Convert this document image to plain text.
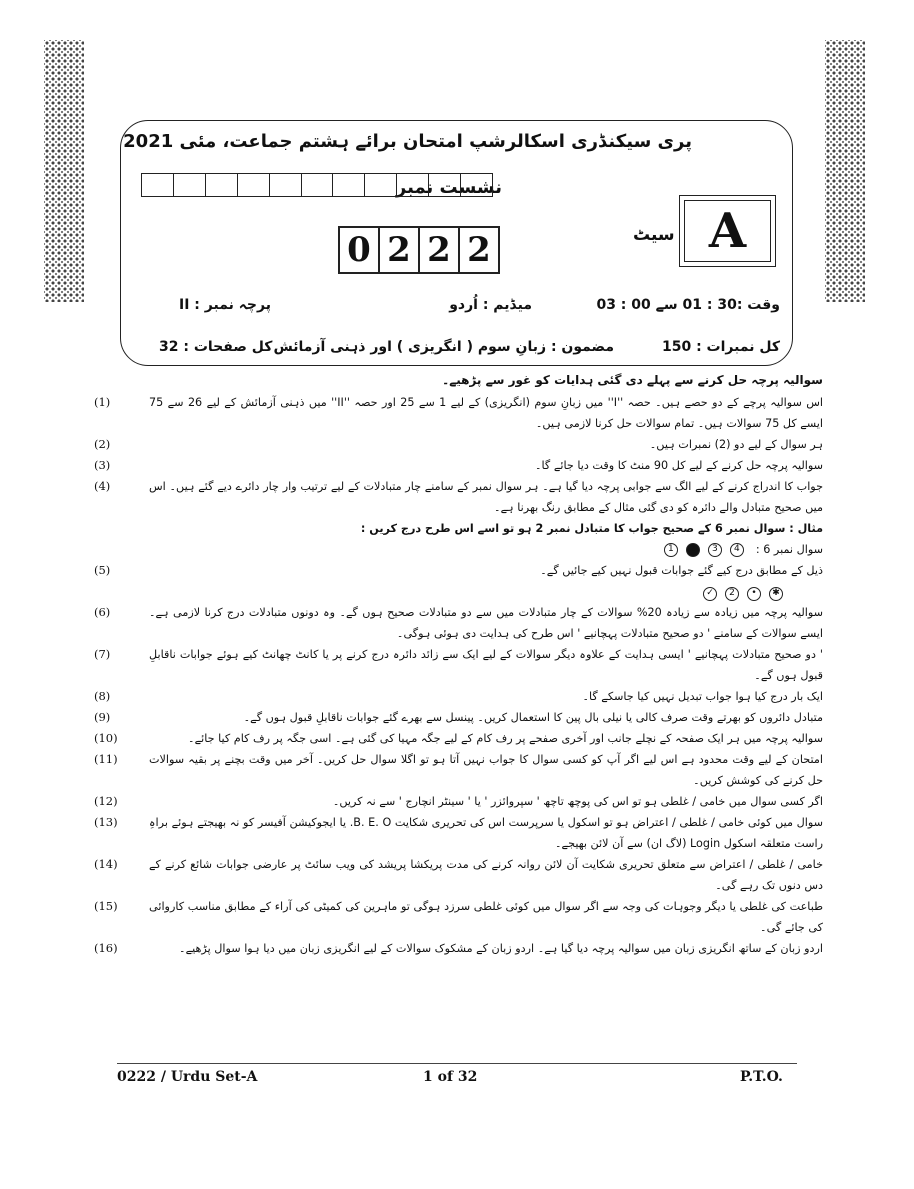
پری سیکنڈری اسکالرشپ امتحان برائے ہشتم جماعت، مئی 2021
نشست نمبر
0 2 2 2	سیٹ A
وقت :30 : 01 سے 00 : 03
میڈیم : اُردو
پرچہ نمبر : II
کل نمبرات : 150
مضمون : زبانِ سوم ( انگریزی ) اور ذہنی آزمائش
کل صفحات : 32
سوالیہ پرچہ حل کرنے سے پہلے دی گئی ہدایات کو غور سے پڑھیے۔
اس سوالیہ پرچے کے دو حصے ہیں۔ حصہ ''I'' میں زبانِ سوم (انگریزی) کے لیے 1 سے 25 اور حصہ ''II'' میں ذہنی آزمائش کے لیے 26 سے 75 ایسے کل 75 سوالات ہیں۔ تمام سوالات حل کرنا لازمی ہیں۔
(1)
ہر سوال کے لیے دو (2) نمبرات ہیں۔
(2)
سوالیہ پرچہ حل کرنے کے لیے کل 90 منٹ کا وقت دیا جائے گا۔
(3)
جواب کا اندراج کرنے کے لیے الگ سے جوابی پرچہ دیا گیا ہے۔ ہر سوال نمبر کے سامنے چار متبادلات کے لیے ترتیب وار چار دائرے دیے گئے ہیں۔ اس میں صحیح متبادل والے دائرہ کو دی گئی مثال کے مطابق رنگ بھرنا ہے۔
(4)
مثال : سوال نمبر 6 کے صحیح جواب کا متبادل نمبر 2 ہو تو اسے اس طرح درج کریں :
سوال نمبر 6 :
1	2	3	4
ذیل کے مطابق درج کیے گئے جوابات قبول نہیں کیے جائیں گے۔
(5)
✓	2	•	✱
سوالیہ پرچہ میں زیادہ سے زیادہ 20% سوالات کے چار متبادلات میں سے دو متبادلات صحیح ہوں گے۔ وہ دونوں متبادلات درج کرنا لازمی ہے۔ ایسے سوالات کے سامنے ' دو صحیح متبادلات پہچانیے ' اس طرح کی ہدایت دی ہوئی ہوگی۔
(6)
' دو صحیح متبادلات پہچانیے ' ایسی ہدایت کے علاوہ دیگر سوالات کے لیے ایک سے زائد دائرہ درج کرنے پر یا کانٹ چھانٹ کیے ہوئے جوابات ناقابلِ قبول ہوں گے۔
(7)
ایک بار درج کیا ہوا جواب تبدیل نہیں کیا جاسکے گا۔
(8)
متبادل دائروں کو بھرتے وقت صرف کالی یا نیلی بال پین کا استعمال کریں۔ پینسل سے بھرے گئے جوابات ناقابلِ قبول ہوں گے۔
(9)
سوالیہ پرچہ میں ہر ایک صفحہ کے نچلے جانب اور آخری صفحے پر رف کام کے لیے جگہ مہیا کی گئی ہے۔ اسی جگہ پر رف کام کیا جائے۔
(10)
امتحان کے لیے وقت محدود ہے اس لیے اگر آپ کو کسی سوال کا جواب نہیں آتا ہو تو اگلا سوال حل کریں۔ آخر میں وقت بچنے پر بقیہ سوالات حل کرنے کی کوشش کریں۔
(11)
اگر کسی سوال میں خامی / غلطی ہو تو اس کی پوچھ تاچھ ' سپروائزر ' یا ' سینٹر انچارج ' سے نہ کریں۔
(12)
سوال میں کوئی خامی / غلطی / اعتراض ہو تو اسکول یا سرپرست اس کی تحریری شکایت B. E. O. یا ایجوکیشن آفیسر کو نہ بھیجتے ہوئے براہِ راست متعلقہ اسکول Login (لاگ ان) سے آن لائن بھیجے۔
(13)
خامی / غلطی / اعتراض سے متعلق تحریری شکایت آن لائن روانہ کرنے کی مدت پریکشا پریشد کی ویب سائٹ پر عارضی جوابات شائع کرنے کے دس دنوں تک رہے گی۔
(14)
طباعت کی غلطی یا دیگر وجوہات کی وجہ سے اگر سوال میں کوئی غلطی سرزد ہوگی تو ماہرین کی کمیٹی کی آراء کے مطابق مناسب کاروائی کی جائے گی۔
(15)
اردو زبان کے ساتھ انگریزی زبان میں سوالیہ پرچہ دیا گیا ہے۔ اردو زبان کے مشکوک سوالات کے لیے انگریزی زبان میں دیا ہوا سوال پڑھیے۔
(16)
0222 / Urdu Set-A	1 of 32	P.T.O.
